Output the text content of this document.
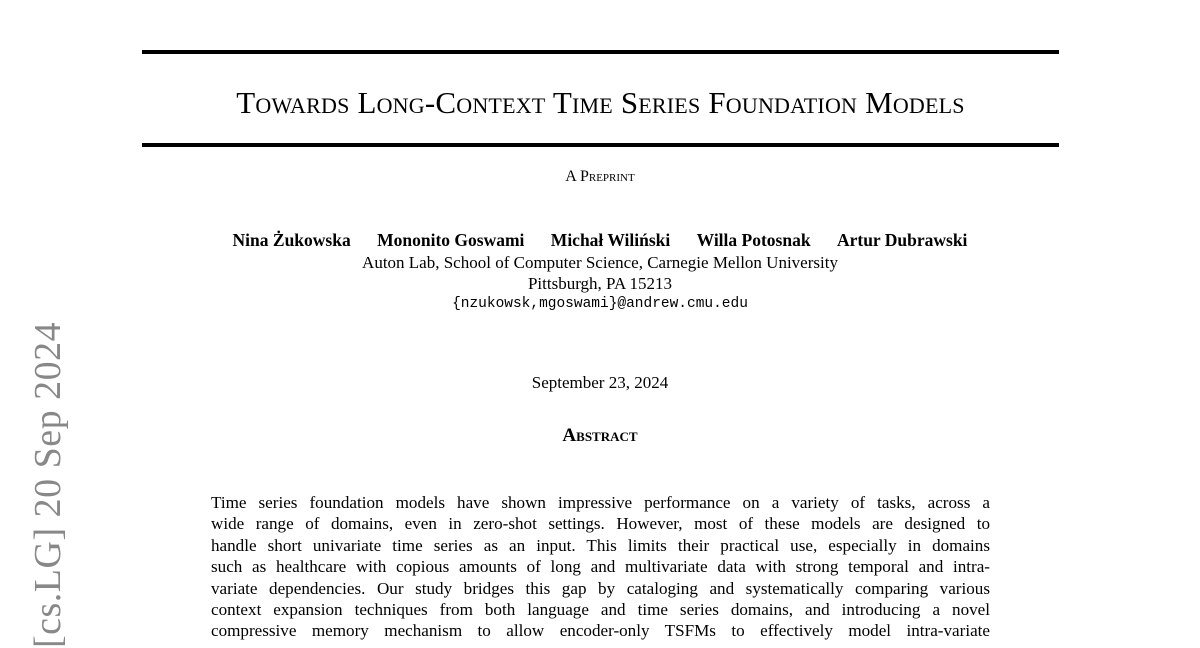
Towards Long-Context Time Series Foundation Models
A Preprint
Nina Żukowska Mononito Goswami Michał Wiliński Willa Potosnak Artur Dubrawski
Auton Lab, School of Computer Science, Carnegie Mellon University
Pittsburgh, PA 15213
{nzukowsk,mgoswami}@andrew.cmu.edu
September 23, 2024
Abstract
Time series foundation models have shown impressive performance on a variety of tasks, across a
wide range of domains, even in zero-shot settings. However, most of these models are designed to
handle short univariate time series as an input. This limits their practical use, especially in domains
such as healthcare with copious amounts of long and multivariate data with strong temporal and intra-
variate dependencies. Our study bridges this gap by cataloging and systematically comparing various
context expansion techniques from both language and time series domains, and introducing a novel
compressive memory mechanism to allow encoder-only TSFMs to effectively model intra-variate
[cs.LG] 20 Sep 2024
